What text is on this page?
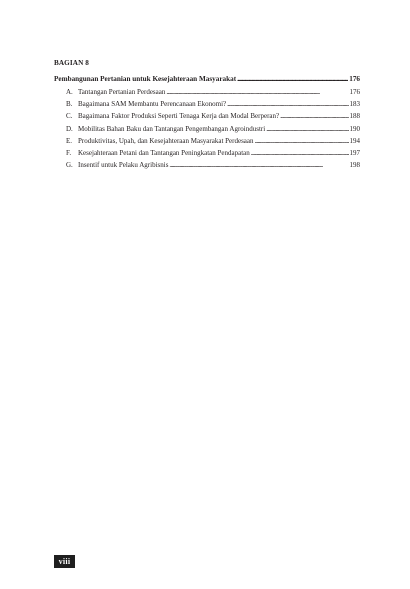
BAGIAN 8

Pembangunan Pertanian untuk Kesejahteraan Masyarakat . . .	176
A. Tantangan Pertanian Perdesaan . . .	176
B. Bagaimana SAM Membantu Perencanaan Ekonomi? . . .	183
C. Bagaimana Faktor Produksi Seperti Tenaga Kerja dan Modal Berperan? . . .	188
D. Mobilitas Bahan Baku dan Tantangan Pengembangan Agroindustri . . .	190
E. Produktivitas, Upah, dan Kesejahteraan Masyarakat Perdesaan . . .	194
F. Kesejahteraan Petani dan Tantangan Peningkatan Pendapatan . . .	197
G. Insentif untuk Pelaku Agribisnis . . .	198
viii
